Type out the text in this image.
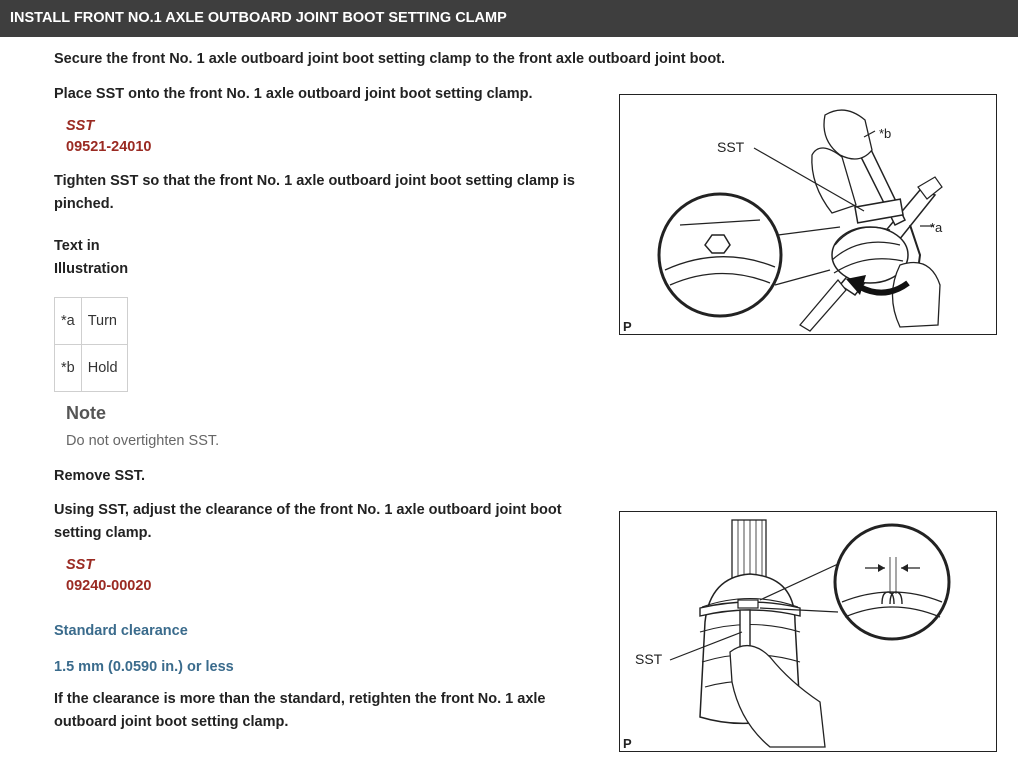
INSTALL FRONT NO.1 AXLE OUTBOARD JOINT BOOT SETTING CLAMP
Secure the front No. 1 axle outboard joint boot setting clamp to the front axle outboard joint boot.
Place SST onto the front No. 1 axle outboard joint boot setting clamp.
SST
09521-24010
Tighten SST so that the front No. 1 axle outboard joint boot setting clamp is
pinched.
Text in
Illustration
*a	Turn
*b	Hold
Note
Do not overtighten SST.
Remove SST.
Using SST, adjust the clearance of the front No. 1 axle outboard joint boot
setting clamp.
SST
09240-00020
Standard clearance
1.5 mm (0.0590 in.) or less
If the clearance is more than the standard, retighten the front No. 1 axle
outboard joint boot setting clamp.
SST
*b
*a
P
SST
P
